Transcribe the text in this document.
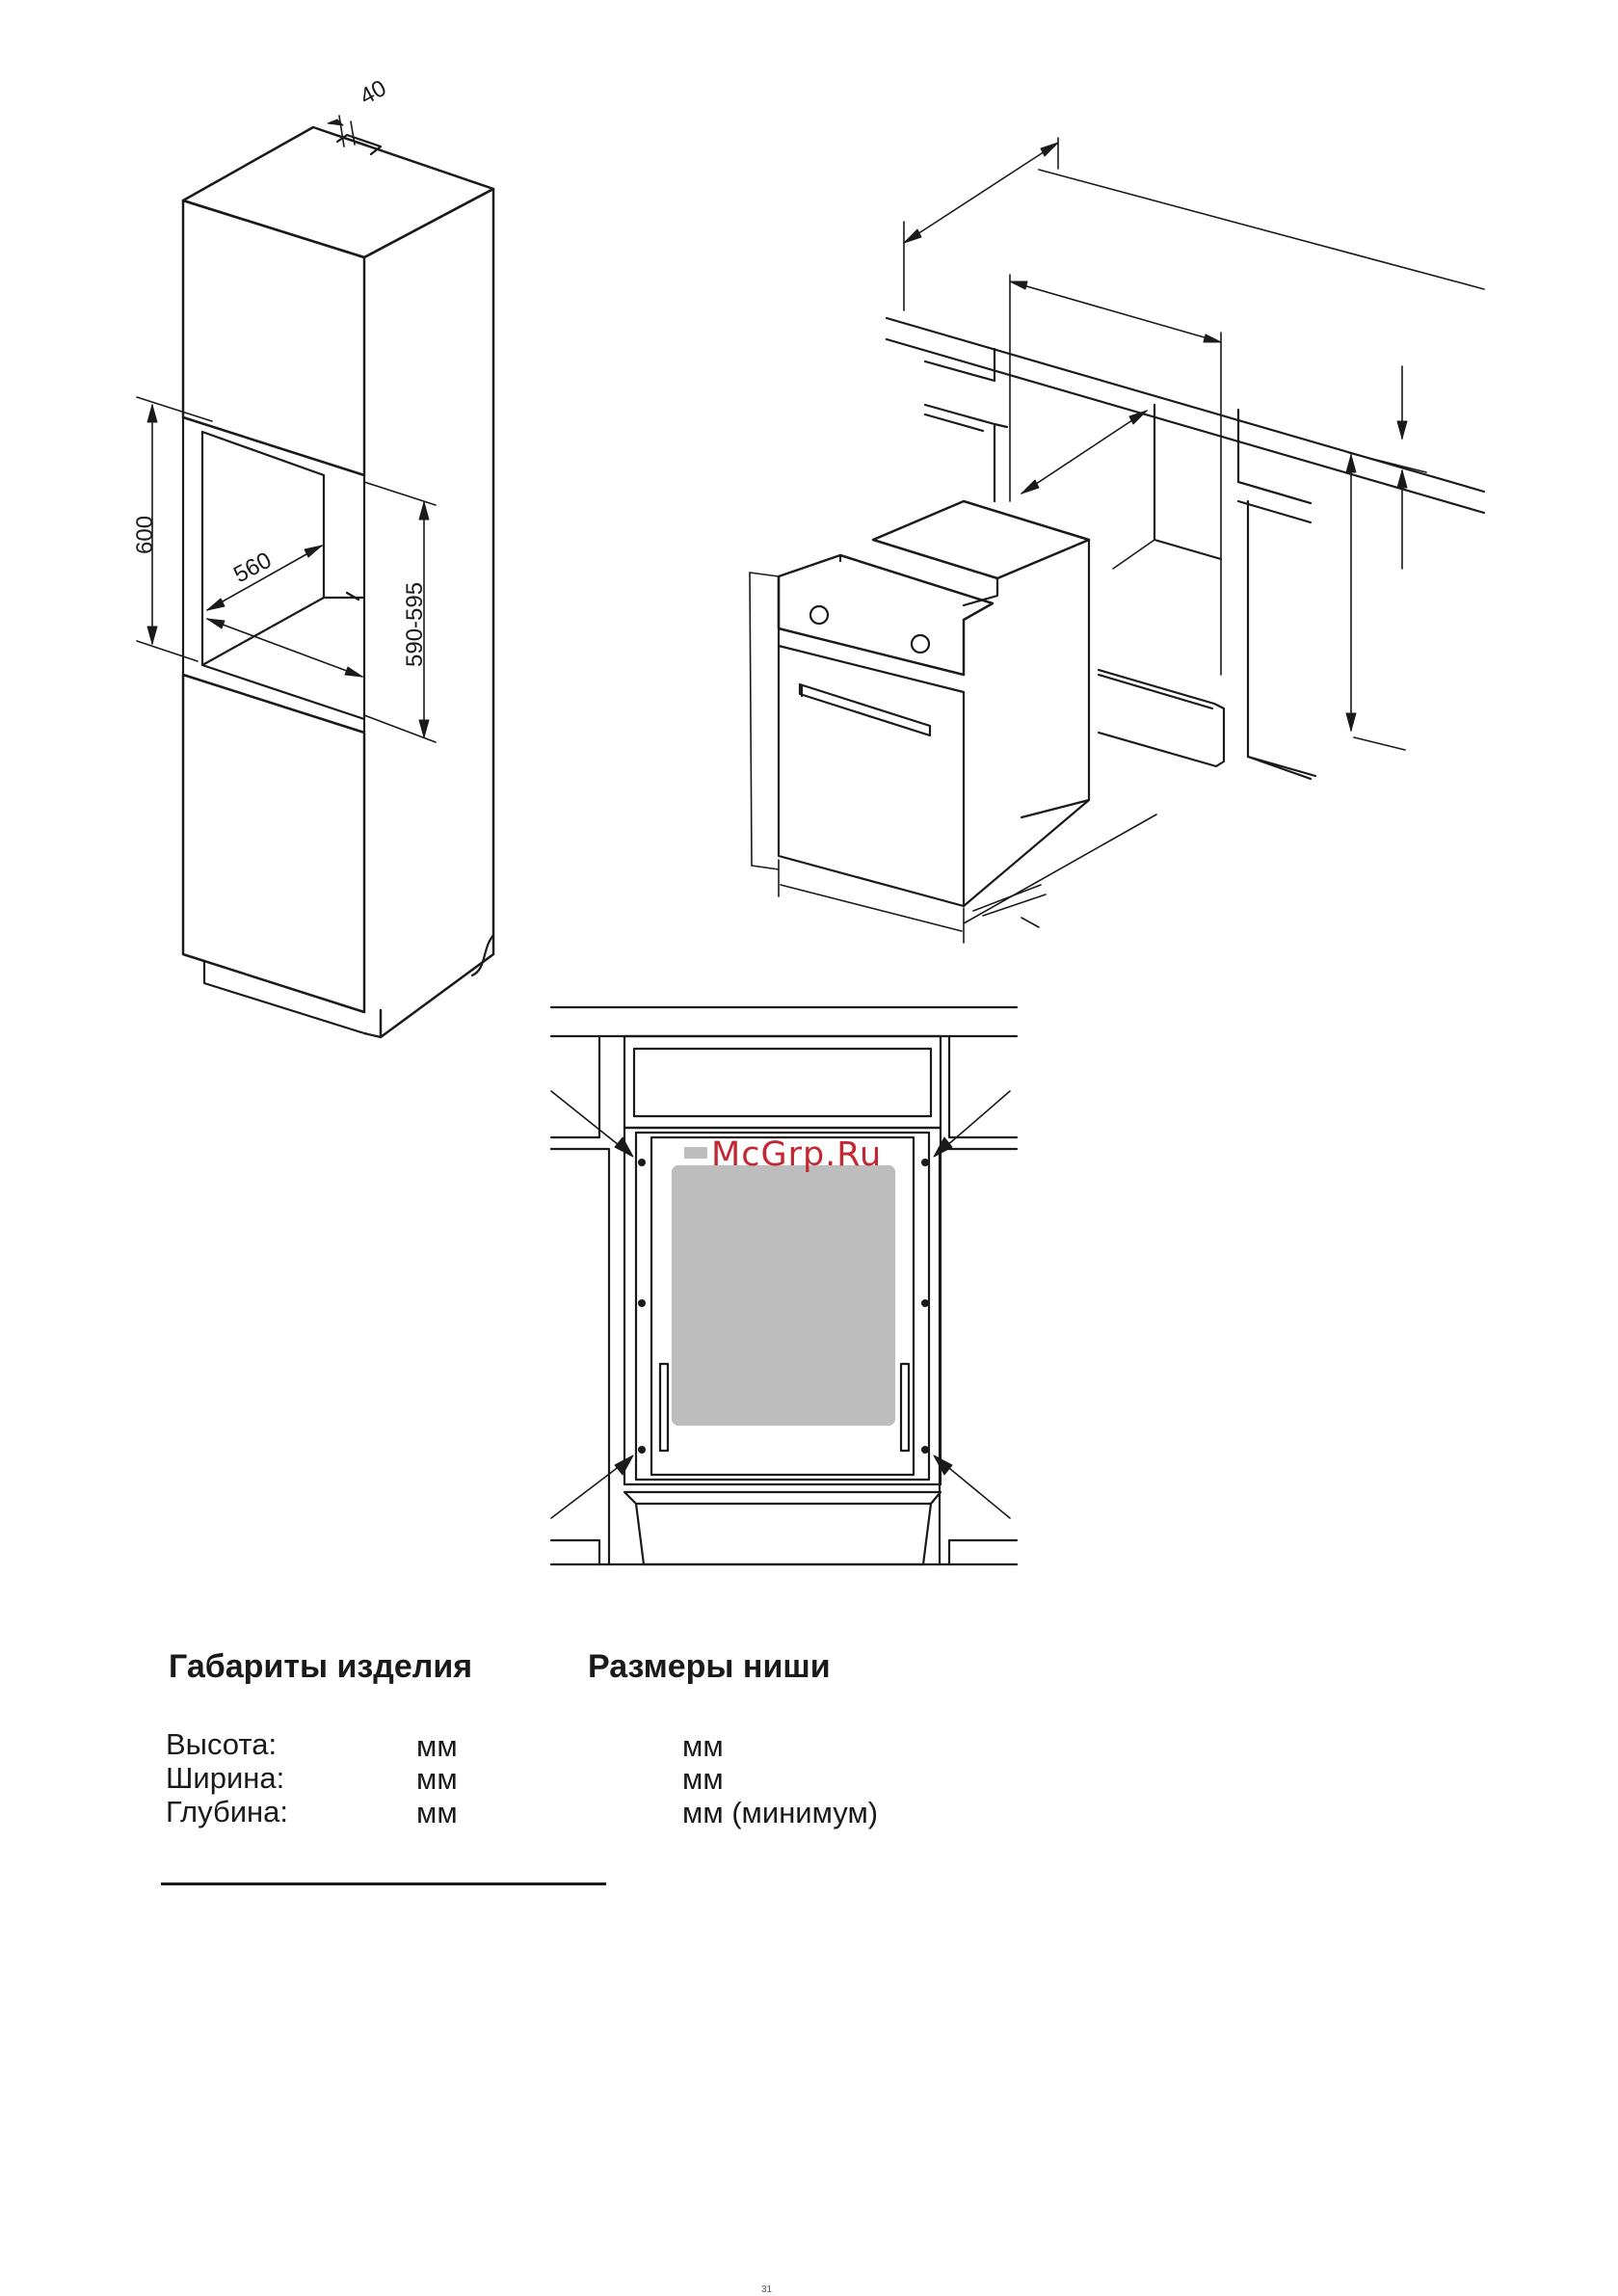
40
600
560
590-595
McGrp.Ru
Габариты изделия	Размеры ниши

Высота:

Ширина:

Глубина:

мм

мм

мм

мм

мм

мм (минимум)

31
